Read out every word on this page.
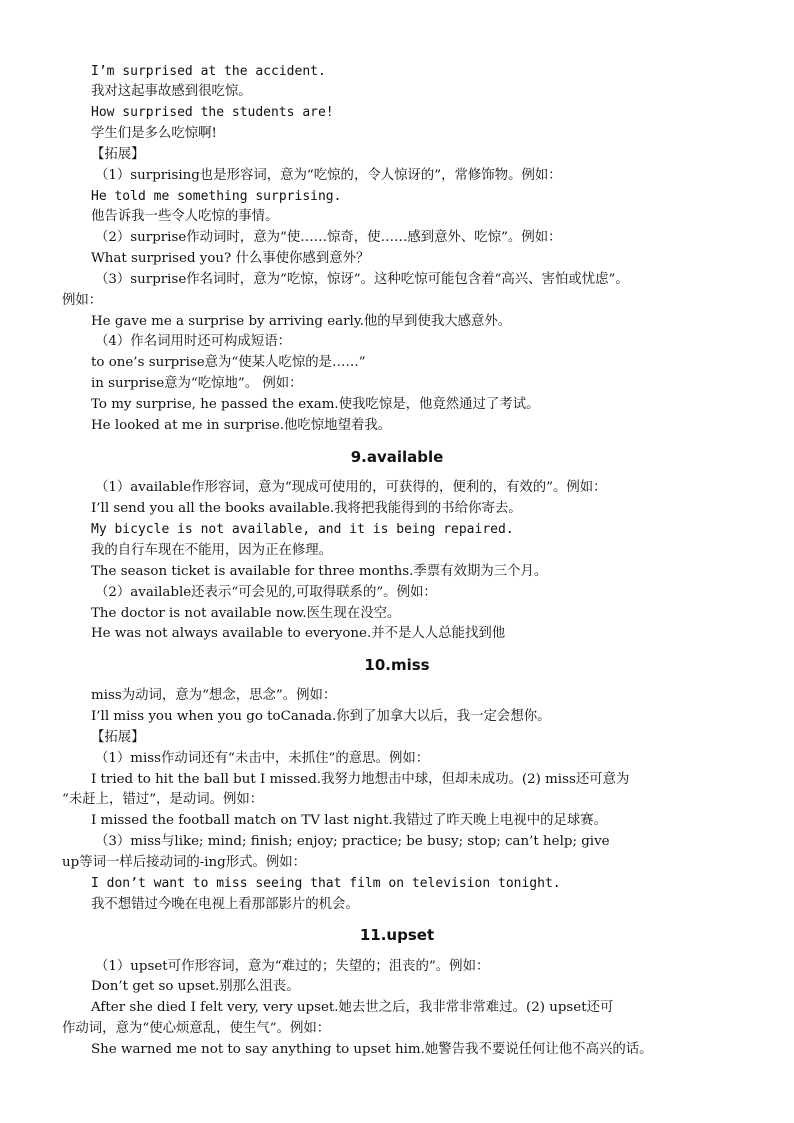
I’m surprised at the accident.
我对这起事故感到很吃惊。
How surprised the students are!
学生们是多么吃惊啊!
【拓展】
（1）surprising也是形容词，意为“吃惊的，令人惊讶的”，常修饰物。例如：
He told me something surprising.
他告诉我一些令人吃惊的事情。
（2）surprise作动词时，意为“使……惊奇，使……感到意外、吃惊”。例如：
What surprised you? 什么事使你感到意外？
（3）surprise作名词时，意为“吃惊，惊讶”。这种吃惊可能包含着“高兴、害怕或忧虑”。
例如：
He gave me a surprise by arriving early.他的早到使我大感意外。
（4）作名词用时还可构成短语：
to one’s surprise意为“使某人吃惊的是……”
in surprise意为“吃惊地”。 例如：
To my surprise, he passed the exam.使我吃惊是，他竟然通过了考试。
He looked at me in surprise.他吃惊地望着我。
9.available
（1）available作形容词，意为“现成可使用的，可获得的，便利的，有效的”。例如：
I’ll send you all the books available.我将把我能得到的书给你寄去。
My bicycle is not available, and it is being repaired.
我的自行车现在不能用，因为正在修理。
The season ticket is available for three months.季票有效期为三个月。
（2）available还表示“可会见的,可取得联系的”。例如：
The doctor is not available now.医生现在没空。
He was not always available to everyone.并不是人人总能找到他
10.miss
miss为动词，意为“想念，思念”。例如：
I’ll miss you when you go toCanada.你到了加拿大以后，我一定会想你。
【拓展】
（1）miss作动词还有“未击中，未抓住”的意思。例如：
I tried to hit the ball but I missed.我努力地想击中球，但却未成功。(2) miss还可意为
“未赶上，错过”，是动词。例如：
I missed the football match on TV last night.我错过了昨天晚上电视中的足球赛。
（3）miss与like; mind; finish; enjoy; practice; be busy; stop; can’t help; give
up等词一样后接动词的-ing形式。例如：
I don’t want to miss seeing that film on television tonight.
我不想错过今晚在电视上看那部影片的机会。
11.upset
（1）upset可作形容词，意为“难过的；失望的；沮丧的”。例如：
Don’t get so upset.别那么沮丧。
After she died I felt very, very upset.她去世之后，我非常非常难过。(2) upset还可
作动词，意为“使心烦意乱，使生气”。例如：
She warned me not to say anything to upset him.她警告我不要说任何让他不高兴的话。
